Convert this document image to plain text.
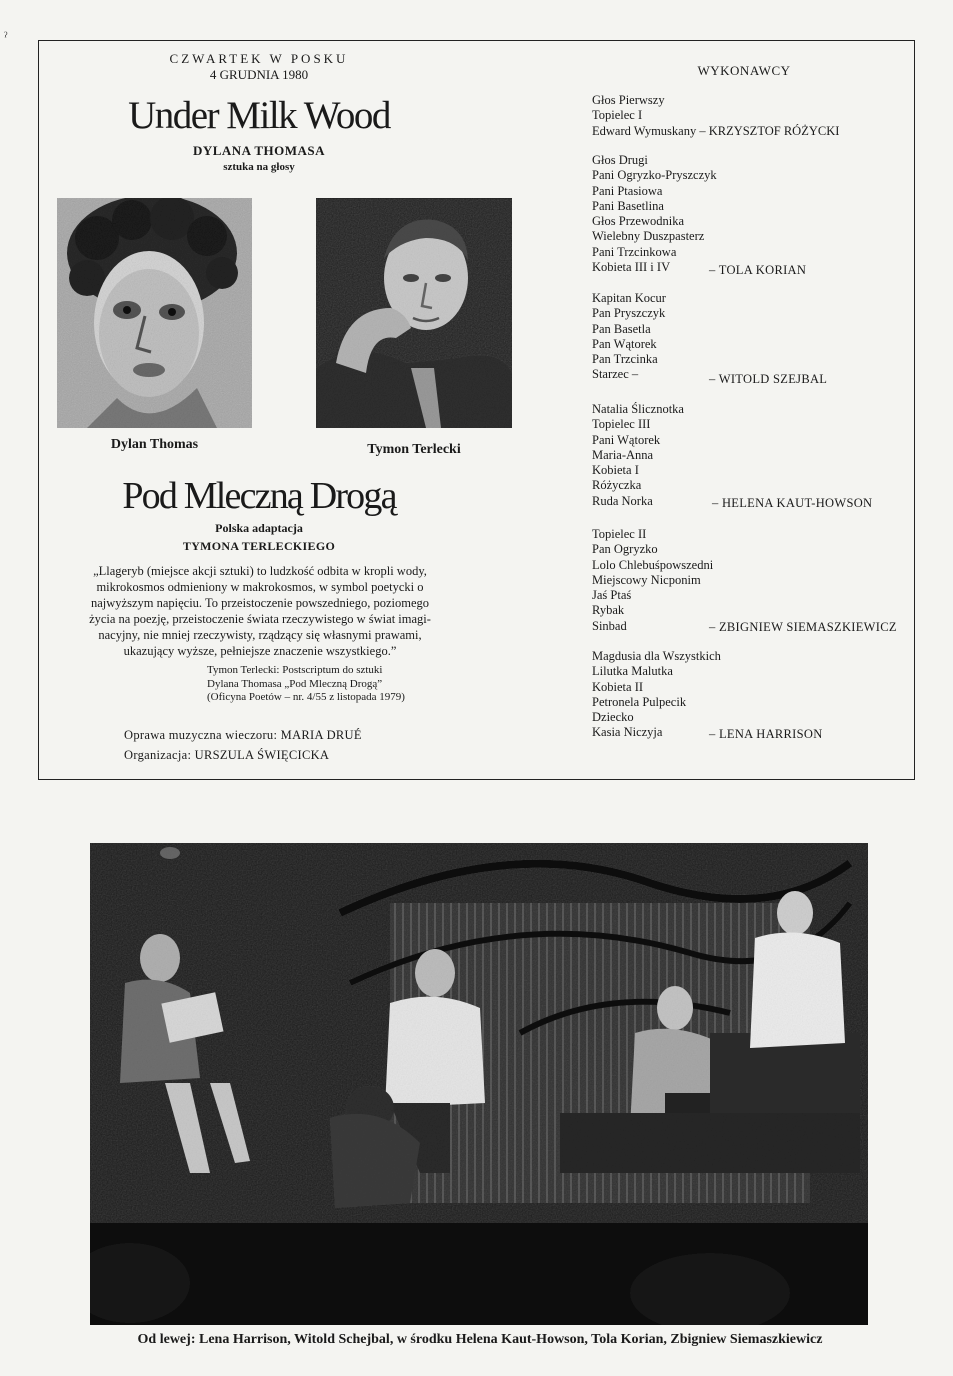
ˀ
CZWARTEK W POSKU
4 GRUDNIA 1980
Under Milk Wood
DYLANA THOMASA
sztuka na głosy
Dylan Thomas	Tymon Terlecki
Pod Mleczną Drogą
Polska adaptacja
TYMONA TERLECKIEGO
„Llageryb (miejsce akcji sztuki) to ludzkość odbita w kropli wody,
mikrokosmos odmieniony w makrokosmos, w symbol poetycki o
najwyższym napięciu. To przeistoczenie powszedniego, poziomego
życia na poezję, przeistoczenie świata rzeczywistego w świat imagi-
nacyjny, nie mniej rzeczywisty, rządzący się własnymi prawami,
ukazujący wyższe, pełniejsze znaczenie wszystkiego.”
Tymon Terlecki: Postscriptum do sztuki
Dylana Thomasa „Pod Mleczną Drogą”
(Oficyna Poetów – nr. 4/55 z listopada 1979)
Oprawa muzyczna wieczoru: MARIA DRUÉ
Organizacja: URSZULA ŚWIĘCICKA
WYKONAWCY
Głos Pierwszy
Topielec I
Edward Wymuskany – KRZYSZTOF RÓŻYCKI
Głos Drugi
Pani Ogryzko-Pryszczyk
Pani Ptasiowa
Pani Basetlina
Głos Przewodnika
Wielebny Duszpasterz
Pani Trzcinkowa
Kobieta III i IV	– TOLA KORIAN
Kapitan Kocur
Pan Pryszczyk
Pan Basetla
Pan Wątorek
Pan Trzcinka
Starzec –	– WITOLD SZEJBAL
Natalia Ślicznotka
Topielec III
Pani Wątorek
Maria-Anna
Kobieta I
Różyczka
Ruda Norka	– HELENA KAUT-HOWSON
Topielec II
Pan Ogryzko
Lolo Chlebuśpowszedni
Miejscowy Nicponim
Jaś Ptaś
Rybak
Sinbad	– ZBIGNIEW SIEMASZKIEWICZ
Magdusia dla Wszystkich
Lilutka Malutka
Kobieta II
Petronela Pulpecik
Dziecko
Kasia Niczyja	– LENA HARRISON
Od lewej: Lena Harrison, Witold Schejbal, w środku Helena Kaut-Howson, Tola Korian, Zbigniew Siemaszkiewicz
